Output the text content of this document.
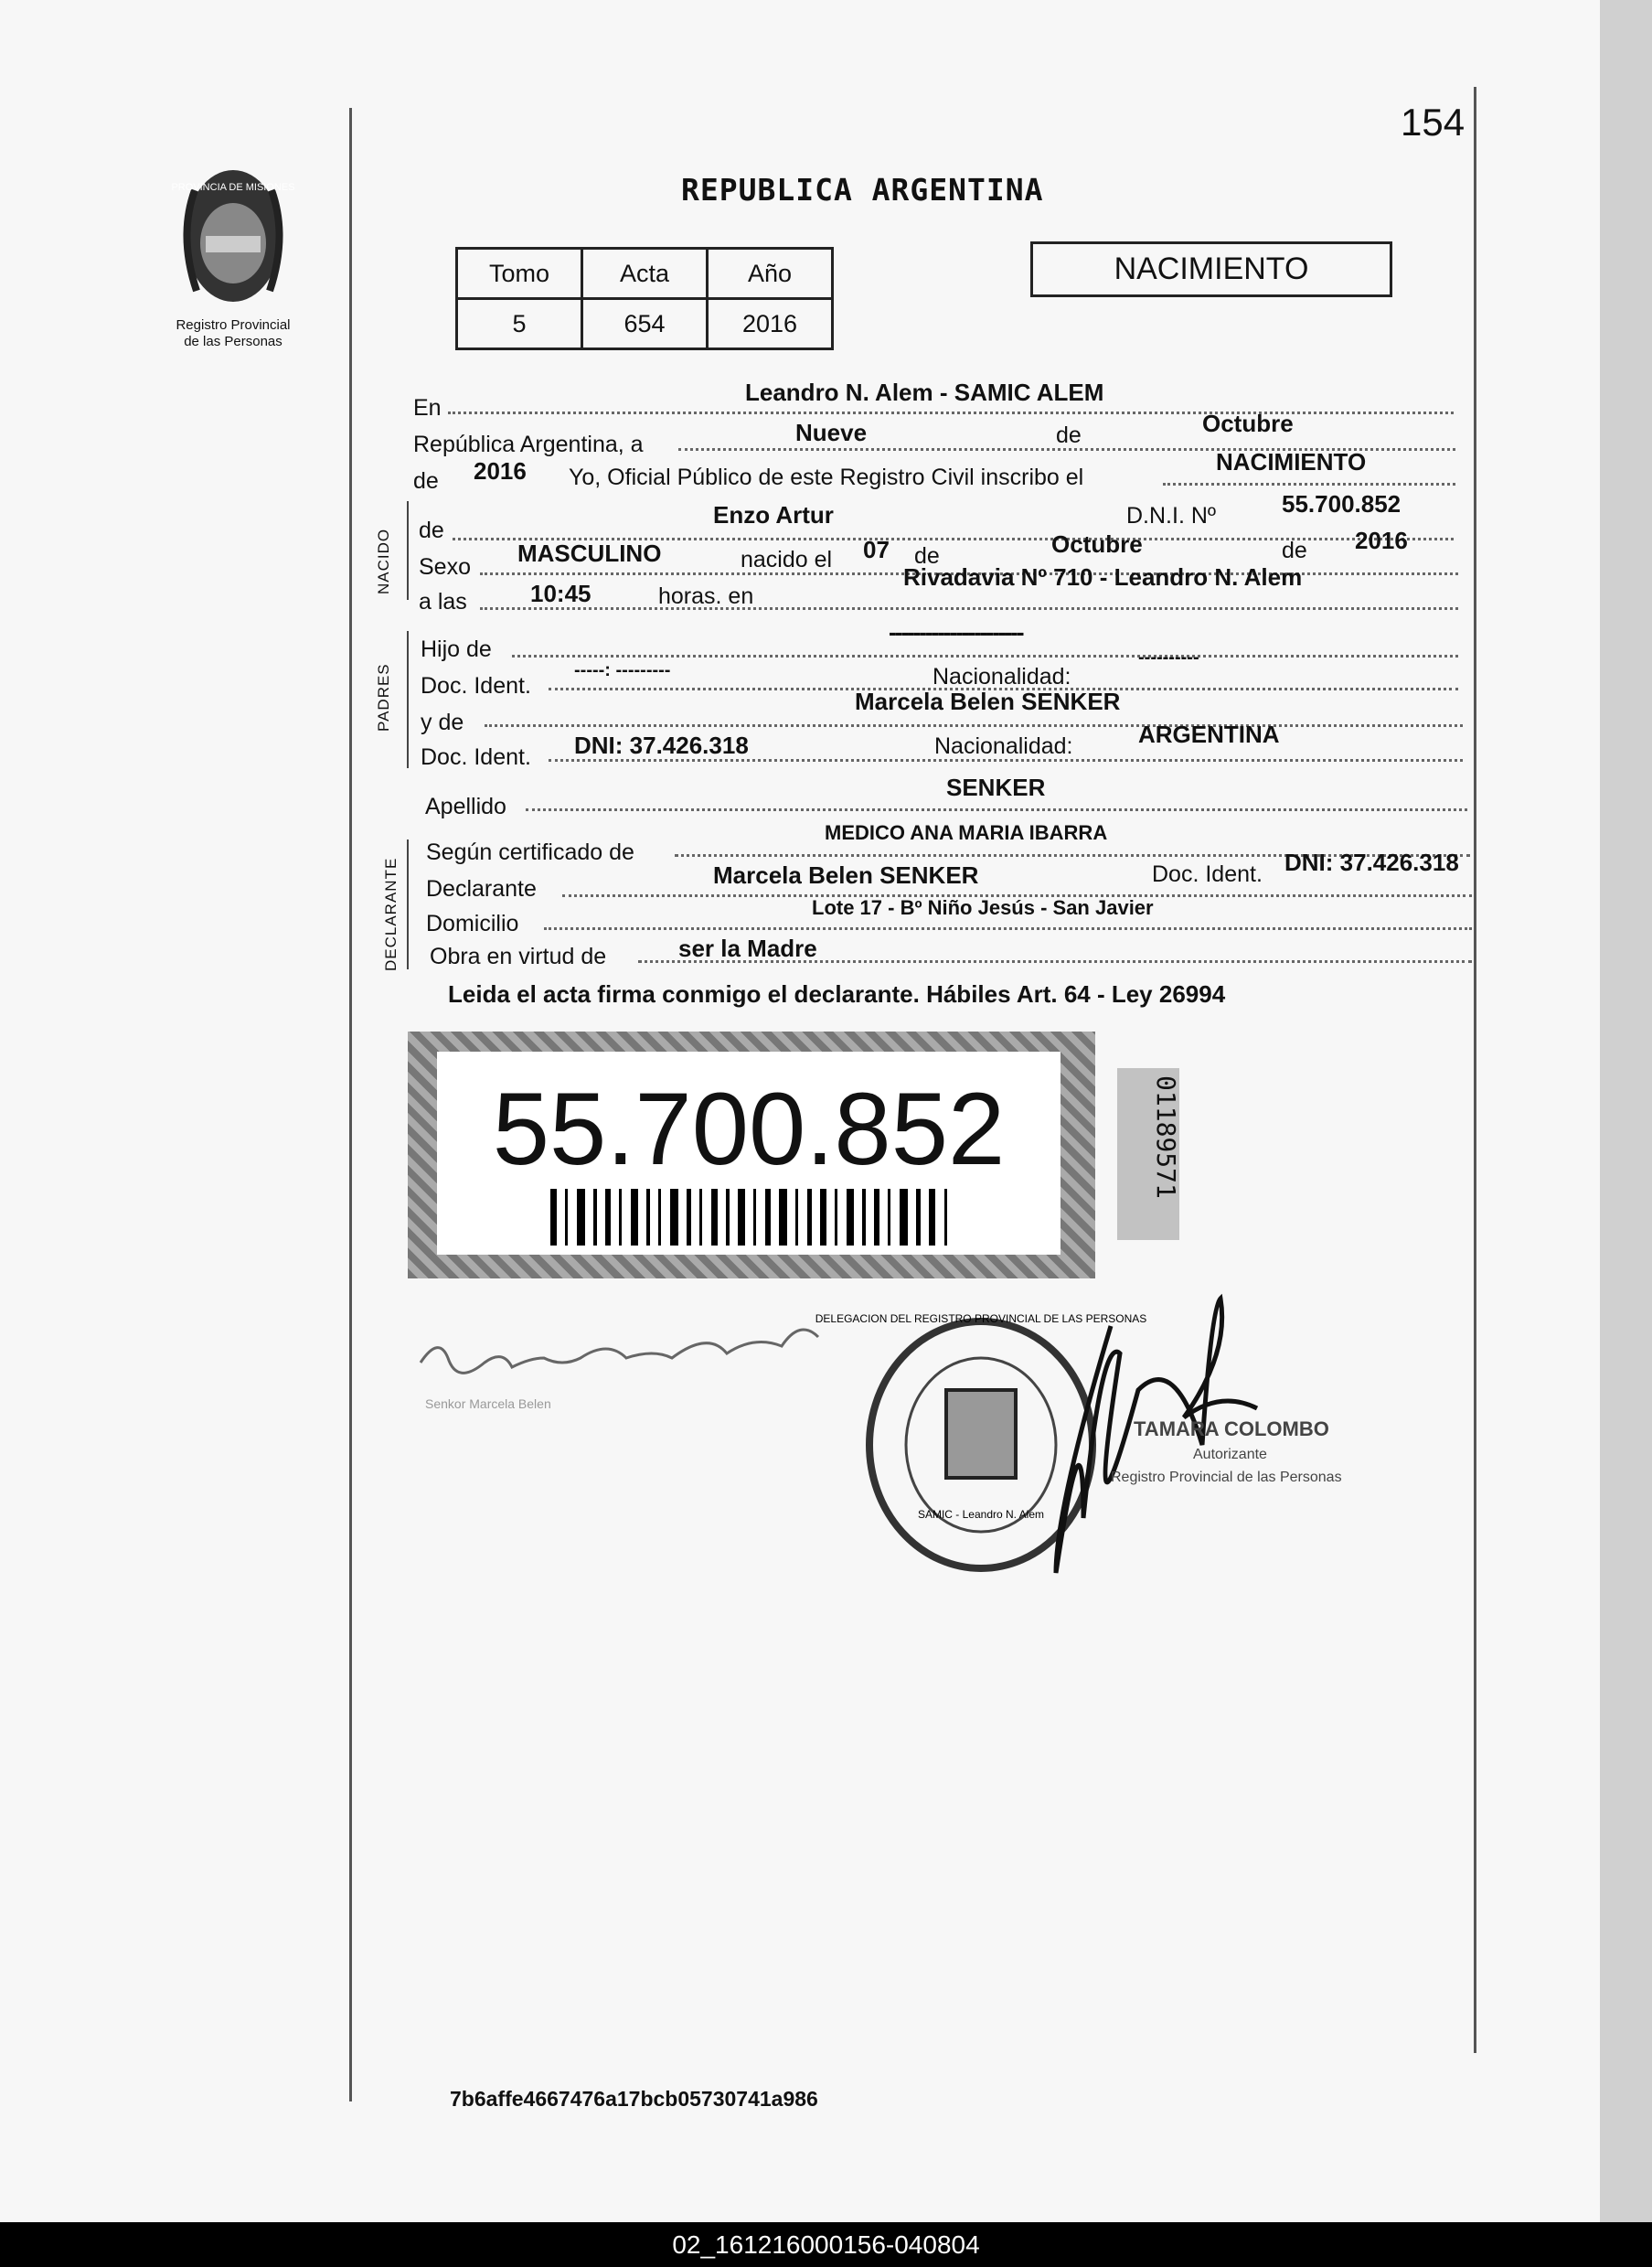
154
PROVINCIA DE MISIONES
Registro Provincial
de las Personas
REPUBLICA ARGENTINA
Tomo	Acta	Año
5	654	2016
NACIMIENTO
En
Leandro N. Alem - SAMIC ALEM
República Argentina, a	Nueve	de	Octubre
de 2016 Yo, Oficial Público de este Registro Civil inscribo el
NACIMIENTO
NACIDO de
Enzo Artur	D.N.I. Nº	55.700.852
Sexo MASCULINO	nacido el 07 de	Octubre	de 2016
a las	10:45	horas. en
Rivadavia Nº 710 - Leandro N. Alem
PADRES
Hijo de
----------------------
Doc. Ident.
-----: ---------	Nacionalidad:
----------
y de
Marcela Belen SENKER
Doc. Ident. DNI: 37.426.318	Nacionalidad:	ARGENTINA
Apellido
SENKER
DECLARANTE
Según certificado de
MEDICO ANA MARIA IBARRA
Declarante	Marcela Belen SENKER	Doc. Ident. DNI: 37.426.318
Domicilio
Lote 17 - Bº Niño Jesús - San Javier
Obra en virtud de	ser la Madre
Leida el acta firma conmigo el declarante. Hábiles Art. 64 - Ley 26994
55.700.852	01189571
Senkor Marcela Belen
DELEGACION DEL REGISTRO PROVINCIAL DE LAS PERSONAS
SAMIC - Leandro N. Alem
TAMARA COLOMBO
Autorizante
Registro Provincial de las Personas
7b6affe4667476a17bcb05730741a986
02_161216000156-040804
